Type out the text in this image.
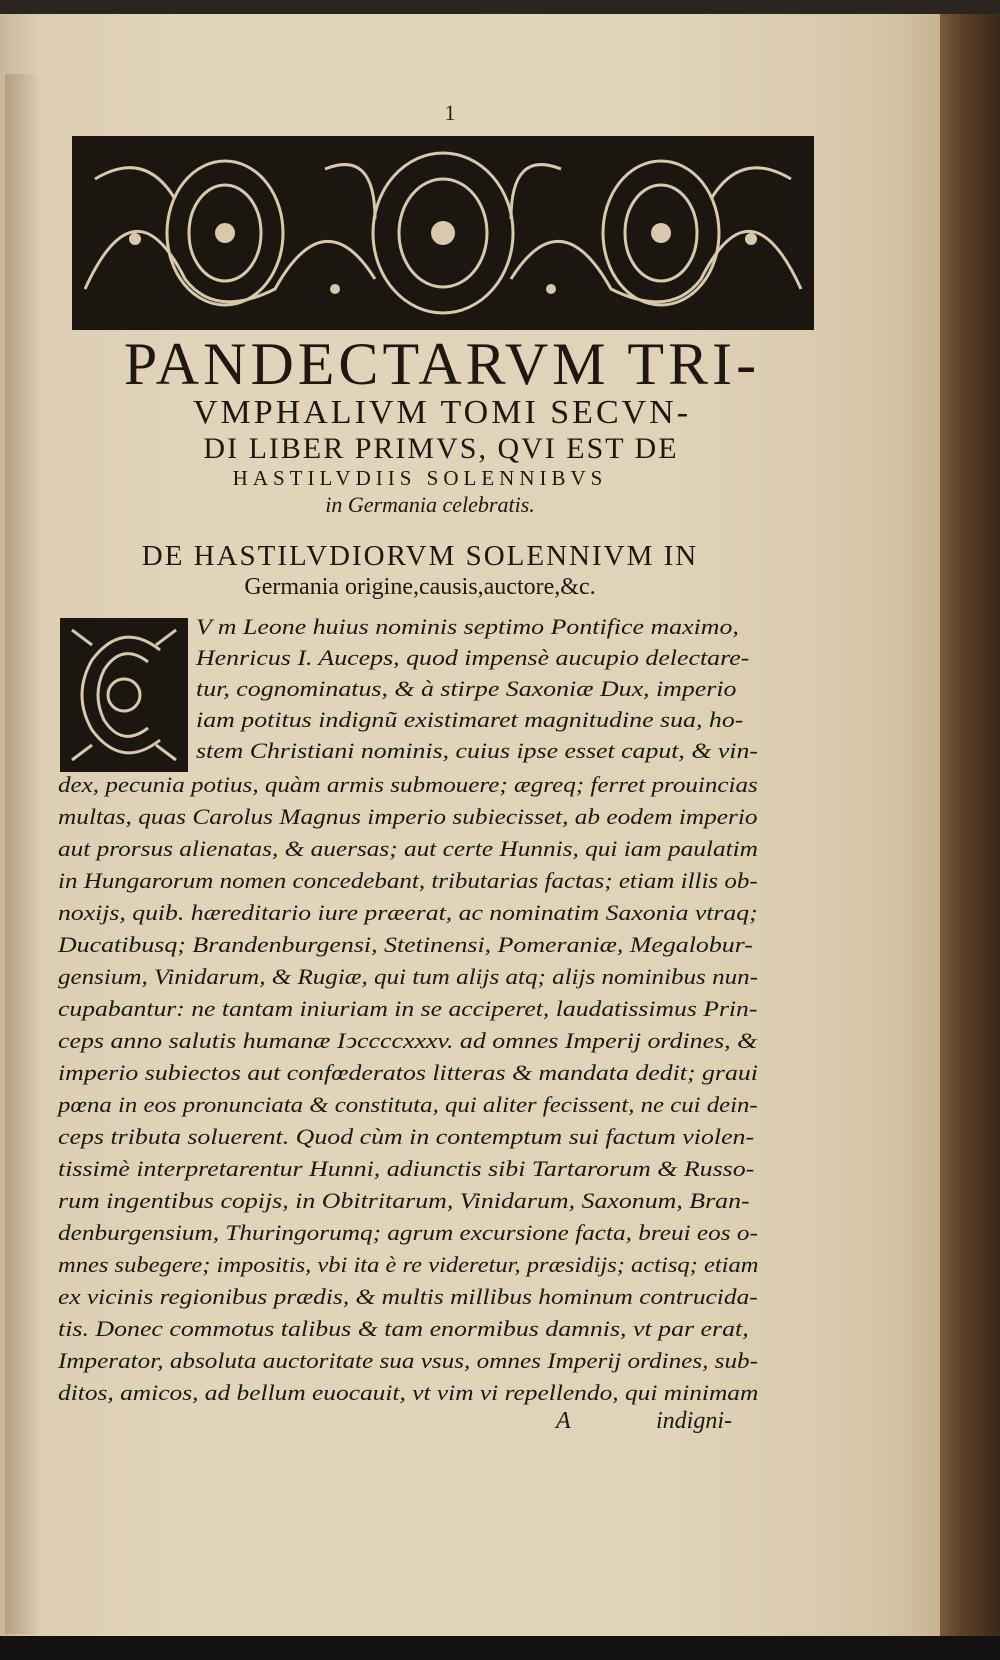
1
PANDECTARVM TRI-
VMPHALIVM TOMI SECVN-
DI LIBER PRIMVS, QVI EST DE
HASTILVDIIS SOLENNIBVS
in Germania celebratis.
DE HASTILVDIORVM SOLENNIVM IN
Germania origine,causis,auctore,&c.
V m Leone huius nominis septimo Pontifice maximo,
Henricus I. Auceps, quod impensè aucupio delectare-
tur, cognominatus, & à stirpe Saxoniæ Dux, imperio
iam potitus indignũ existimaret magnitudine sua, ho-
stem Christiani nominis, cuius ipse esset caput, & vin-
dex, pecunia potius, quàm armis submouere; ægreq; ferret prouincias
multas, quas Carolus Magnus imperio subiecisset, ab eodem imperio
aut prorsus alienatas, & auersas; aut certe Hunnis, qui iam paulatim
in Hungarorum nomen concedebant, tributarias factas; etiam illis ob-
noxijs, quib. hæreditario iure præerat, ac nominatim Saxonia vtraq;
Ducatibusq; Brandenburgensi, Stetinensi, Pomeraniæ, Megalobur-
gensium, Vinidarum, & Rugiæ, qui tum alijs atq; alijs nominibus nun-
cupabantur: ne tantam iniuriam in se acciperet, laudatissimus Prin-
ceps anno salutis humanæ Iↄccccxxxv. ad omnes Imperij ordines, &
imperio subiectos aut confœderatos litteras & mandata dedit; graui
pœna in eos pronunciata & constituta, qui aliter fecissent, ne cui dein-
ceps tributa soluerent. Quod cùm in contemptum sui factum violen-
tissimè interpretarentur Hunni, adiunctis sibi Tartarorum & Russo-
rum ingentibus copijs, in Obitritarum, Vinidarum, Saxonum, Bran-
denburgensium, Thuringorumq; agrum excursione facta, breui eos o-
mnes subegere; impositis, vbi ita è re videretur, præsidijs; actisq; etiam
ex vicinis regionibus prædis, & multis millibus hominum contrucida-
tis. Donec commotus talibus & tam enormibus damnis, vt par erat,
Imperator, absoluta auctoritate sua vsus, omnes Imperij ordines, sub-
ditos, amicos, ad bellum euocauit, vt vim vi repellendo, qui minimam
A	indigni-
